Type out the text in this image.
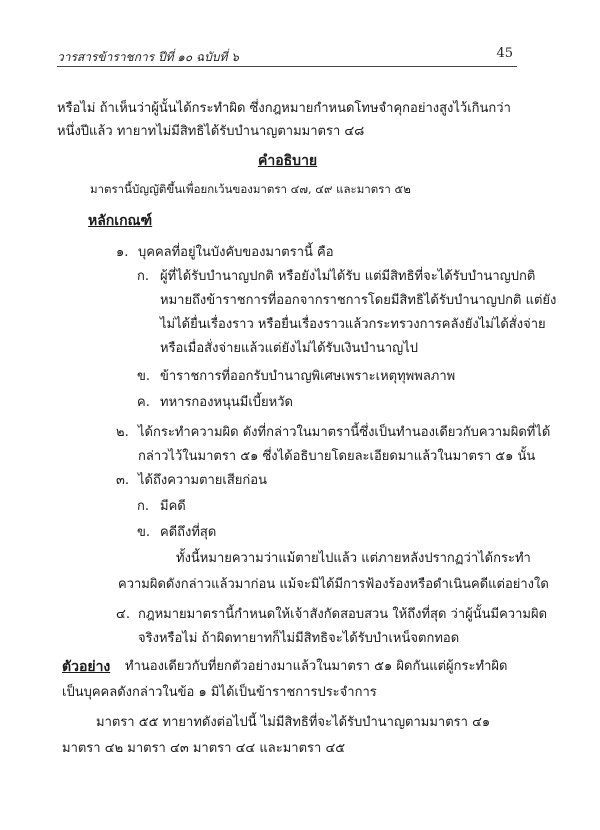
วารสารข้าราชการ ปีที่ ๑๐ ฉบับที่ ๖	45
หรือไม่ ถ้าเห็นว่าผู้นั้นได้กระทำผิด ซึ่งกฎหมายกำหนดโทษจำคุกอย่างสูงไว้เกินกว่า
หนึ่งปีแล้ว ทายาทไม่มีสิทธิได้รับบำนาญตามมาตรา ๔๘
คำอธิบาย
มาตรานี้บัญญัติขึ้นเพื่อยกเว้นของมาตรา ๔๗, ๔๙ และมาตรา ๕๒
หลักเกณฑ์
๑. บุคคลที่อยู่ในบังคับของมาตรานี้ คือ
ก. ผู้ที่ได้รับบำนาญปกติ หรือยังไม่ได้รับ แต่มีสิทธิที่จะได้รับบำนาญปกติ
หมายถึงข้าราชการที่ออกจากราชการโดยมีสิทธิได้รับบำนาญปกติ แต่ยัง
ไม่ได้ยื่นเรื่องราว หรือยื่นเรื่องราวแล้วกระทรวงการคลังยังไม่ได้สั่งจ่าย
หรือเมื่อสั่งจ่ายแล้วแต่ยังไม่ได้รับเงินบำนาญไป
ข. ข้าราชการที่ออกรับบำนาญพิเศษเพราะเหตุทุพพลภาพ
ค. ทหารกองหนุนมีเบี้ยหวัด
๒. ได้กระทำความผิด ดังที่กล่าวในมาตรานี้ซึ่งเป็นทำนองเดียวกับความผิดที่ได้
กล่าวไว้ในมาตรา ๕๑ ซึ่งได้อธิบายโดยละเอียดมาแล้วในมาตรา ๕๑ นั้น
๓. ได้ถึงความตายเสียก่อน
ก. มีคดี
ข. คดีถึงที่สุด
ทั้งนี้หมายความว่าแม้ตายไปแล้ว แต่ภายหลังปรากฏว่าได้กระทำ
ความผิดดังกล่าวแล้วมาก่อน แม้จะมิได้มีการฟ้องร้องหรือดำเนินคดีแต่อย่างใด
๔. กฎหมายมาตรานี้กำหนดให้เจ้าสังกัดสอบสวน ให้ถึงที่สุด ว่าผู้นั้นมีความผิด
จริงหรือไม่ ถ้าผิดทายาทก็ไม่มีสิทธิจะได้รับบำเหน็จตกทอด
ตัวอย่าง ทำนองเดียวกับที่ยกตัวอย่างมาแล้วในมาตรา ๕๑ ผิดกันแต่ผู้กระทำผิด
เป็นบุคคลดังกล่าวในข้อ ๑ มิได้เป็นข้าราชการประจำการ
มาตรา ๕๕ ทายาทดังต่อไปนี้ ไม่มีสิทธิที่จะได้รับบำนาญตามมาตรา ๔๑
มาตรา ๔๒ มาตรา ๔๓ มาตรา ๔๔ และมาตรา ๔๕
